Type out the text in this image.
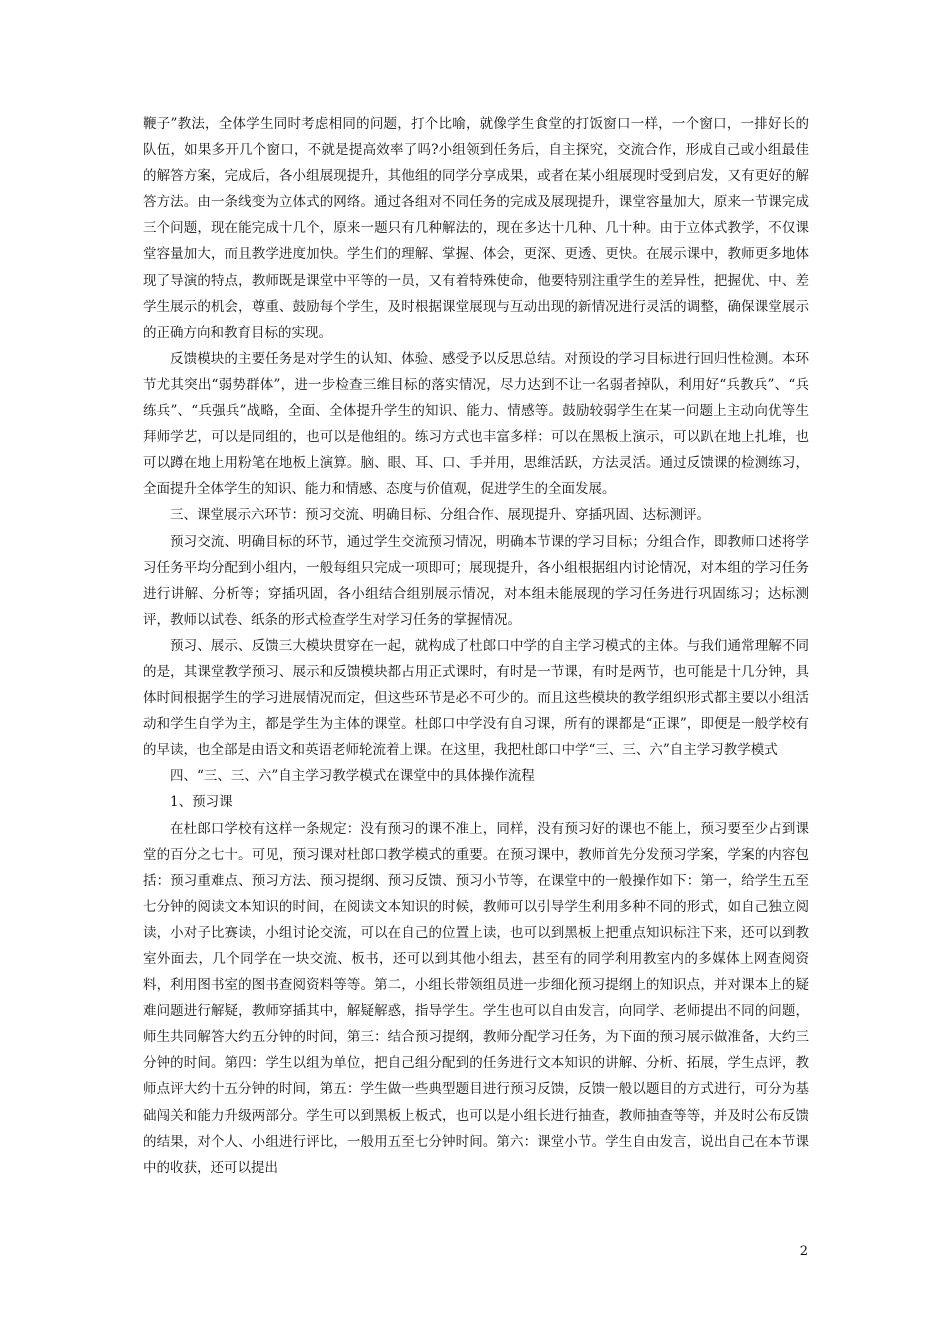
鞭子”教法，全体学生同时考虑相同的问题，打个比喻，就像学生食堂的打饭窗口一样，一个窗口，一排好长的队伍，如果多开几个窗口，不就是提高效率了吗?小组领到任务后，自主探究，交流合作，形成自己或小组最佳的解答方案，完成后，各小组展现提升，其他组的同学分享成果，或者在某小组展现时受到启发，又有更好的解答方法。由一条线变为立体式的网络。通过各组对不同任务的完成及展现提升，课堂容量加大，原来一节课完成三个问题，现在能完成十几个，原来一题只有几种解法的，现在多达十几种、几十种。由于立体式教学，不仅课堂容量加大，而且教学进度加快。学生们的理解、掌握、体会，更深、更透、更快。在展示课中，教师更多地体现了导演的特点，教师既是课堂中平等的一员，又有着特殊使命，他要特别注重学生的差异性，把握优、中、差学生展示的机会，尊重、鼓励每个学生，及时根据课堂展现与互动出现的新情况进行灵活的调整，确保课堂展示的正确方向和教育目标的实现。

反馈模块的主要任务是对学生的认知、体验、感受予以反思总结。对预设的学习目标进行回归性检测。本环节尤其突出“弱势群体”，进一步检查三维目标的落实情况，尽力达到不让一名弱者掉队，利用好“兵教兵”、“兵练兵”、“兵强兵”战略，全面、全体提升学生的知识、能力、情感等。鼓励较弱学生在某一问题上主动向优等生拜师学艺，可以是同组的，也可以是他组的。练习方式也丰富多样：可以在黑板上演示，可以趴在地上扎堆，也可以蹲在地上用粉笔在地板上演算。脑、眼、耳、口、手并用，思维活跃，方法灵活。通过反馈课的检测练习，全面提升全体学生的知识、能力和情感、态度与价值观，促进学生的全面发展。

三、课堂展示六环节：预习交流、明确目标、分组合作、展现提升、穿插巩固、达标测评。

预习交流、明确目标的环节，通过学生交流预习情况，明确本节课的学习目标；分组合作，即教师口述将学习任务平均分配到小组内，一般每组只完成一项即可；展现提升，各小组根据组内讨论情况，对本组的学习任务进行讲解、分析等；穿插巩固，各小组结合组别展示情况，对本组未能展现的学习任务进行巩固练习；达标测评，教师以试卷、纸条的形式检查学生对学习任务的掌握情况。

预习、展示、反馈三大模块贯穿在一起，就构成了杜郎口中学的自主学习模式的主体。与我们通常理解不同的是，其课堂教学预习、展示和反馈模块都占用正式课时，有时是一节课，有时是两节，也可能是十几分钟，具体时间根据学生的学习进展情况而定，但这些环节是必不可少的。而且这些模块的教学组织形式都主要以小组活动和学生自学为主，都是学生为主体的课堂。杜郎口中学没有自习课，所有的课都是“正课”，即便是一般学校有的早读，也全部是由语文和英语老师轮流着上课。在这里，我把杜郎口中学“三、三、六”自主学习教学模式

四、“三、三、六”自主学习教学模式在课堂中的具体操作流程

1、预习课

在杜郎口学校有这样一条规定：没有预习的课不准上，同样，没有预习好的课也不能上，预习要至少占到课堂的百分之七十。可见，预习课对杜郎口教学模式的重要。在预习课中，教师首先分发预习学案，学案的内容包括：预习重难点、预习方法、预习提纲、预习反馈、预习小节等，在课堂中的一般操作如下：第一，给学生五至七分钟的阅读文本知识的时间，在阅读文本知识的时候，教师可以引导学生利用多种不同的形式，如自己独立阅读，小对子比赛读，小组讨论交流，可以在自己的位置上读，也可以到黑板上把重点知识标注下来，还可以到教室外面去，几个同学在一块交流、板书，还可以到其他小组去，甚至有的同学利用教室内的多媒体上网查阅资料，利用图书室的图书查阅资料等等。第二，小组长带领组员进一步细化预习提纲上的知识点，并对课本上的疑难问题进行解疑，教师穿插其中，解疑解惑，指导学生。学生也可以自由发言，向同学、老师提出不同的问题，师生共同解答大约五分钟的时间，第三：结合预习提纲，教师分配学习任务，为下面的预习展示做准备，大约三分钟的时间。第四：学生以组为单位，把自己组分配到的任务进行文本知识的讲解、分析、拓展，学生点评，教师点评大约十五分钟的时间，第五：学生做一些典型题目进行预习反馈，反馈一般以题目的方式进行，可分为基础闯关和能力升级两部分。学生可以到黑板上板式，也可以是小组长进行抽查，教师抽查等等，并及时公布反馈的结果，对个人、小组进行评比，一般用五至七分钟时间。第六：课堂小节。学生自由发言，说出自己在本节课中的收获，还可以提出

2
